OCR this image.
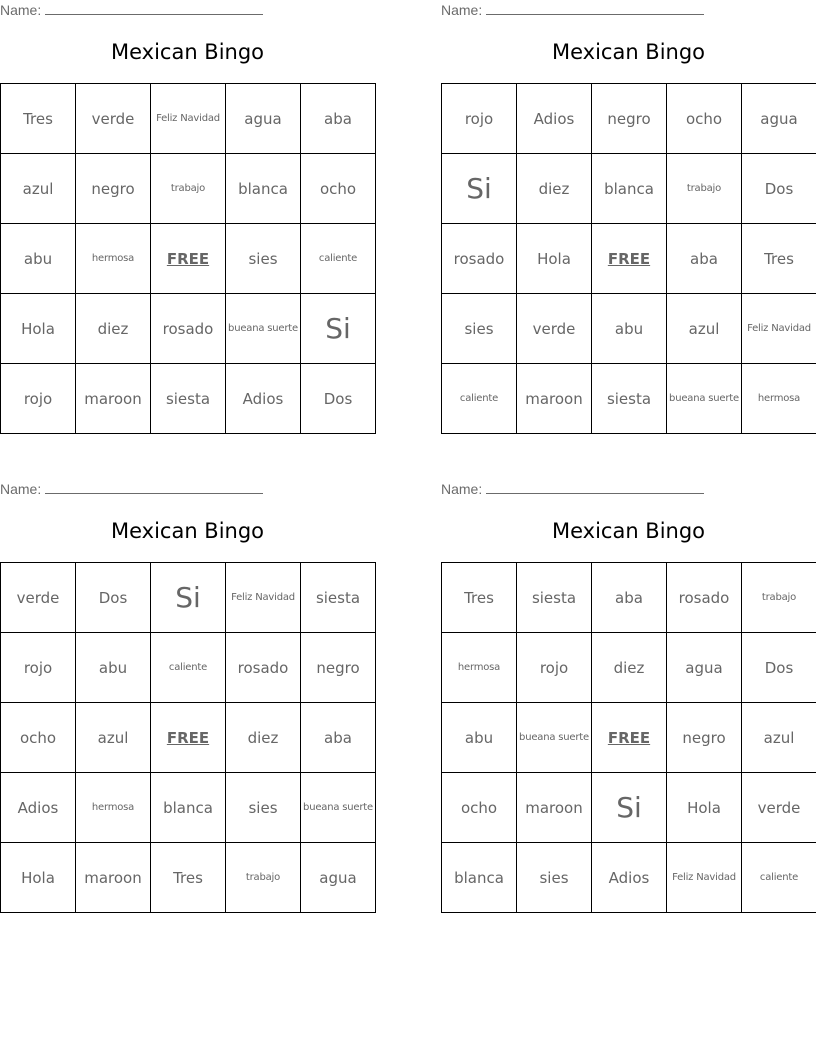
Name:
Mexican Bingo
Tres	verde	Feliz Navidad	agua	aba
azul	negro	trabajo	blanca	ocho
abu	hermosa	FREE	sies	caliente
Hola	diez	rosado	bueana suerte	Si
rojo	maroon	siesta	Adios	Dos
Name:
Mexican Bingo
rojo	Adios	negro	ocho	agua
Si	diez	blanca	trabajo	Dos
rosado	Hola	FREE	aba	Tres
sies	verde	abu	azul	Feliz Navidad
caliente	maroon	siesta	bueana suerte	hermosa
Name:
Mexican Bingo
verde	Dos	Si	Feliz Navidad	siesta
rojo	abu	caliente	rosado	negro
ocho	azul	FREE	diez	aba
Adios	hermosa	blanca	sies	bueana suerte
Hola	maroon	Tres	trabajo	agua
Name:
Mexican Bingo
Tres	siesta	aba	rosado	trabajo
hermosa	rojo	diez	agua	Dos
abu	bueana suerte	FREE	negro	azul
ocho	maroon	Si	Hola	verde
blanca	sies	Adios	Feliz Navidad	caliente
